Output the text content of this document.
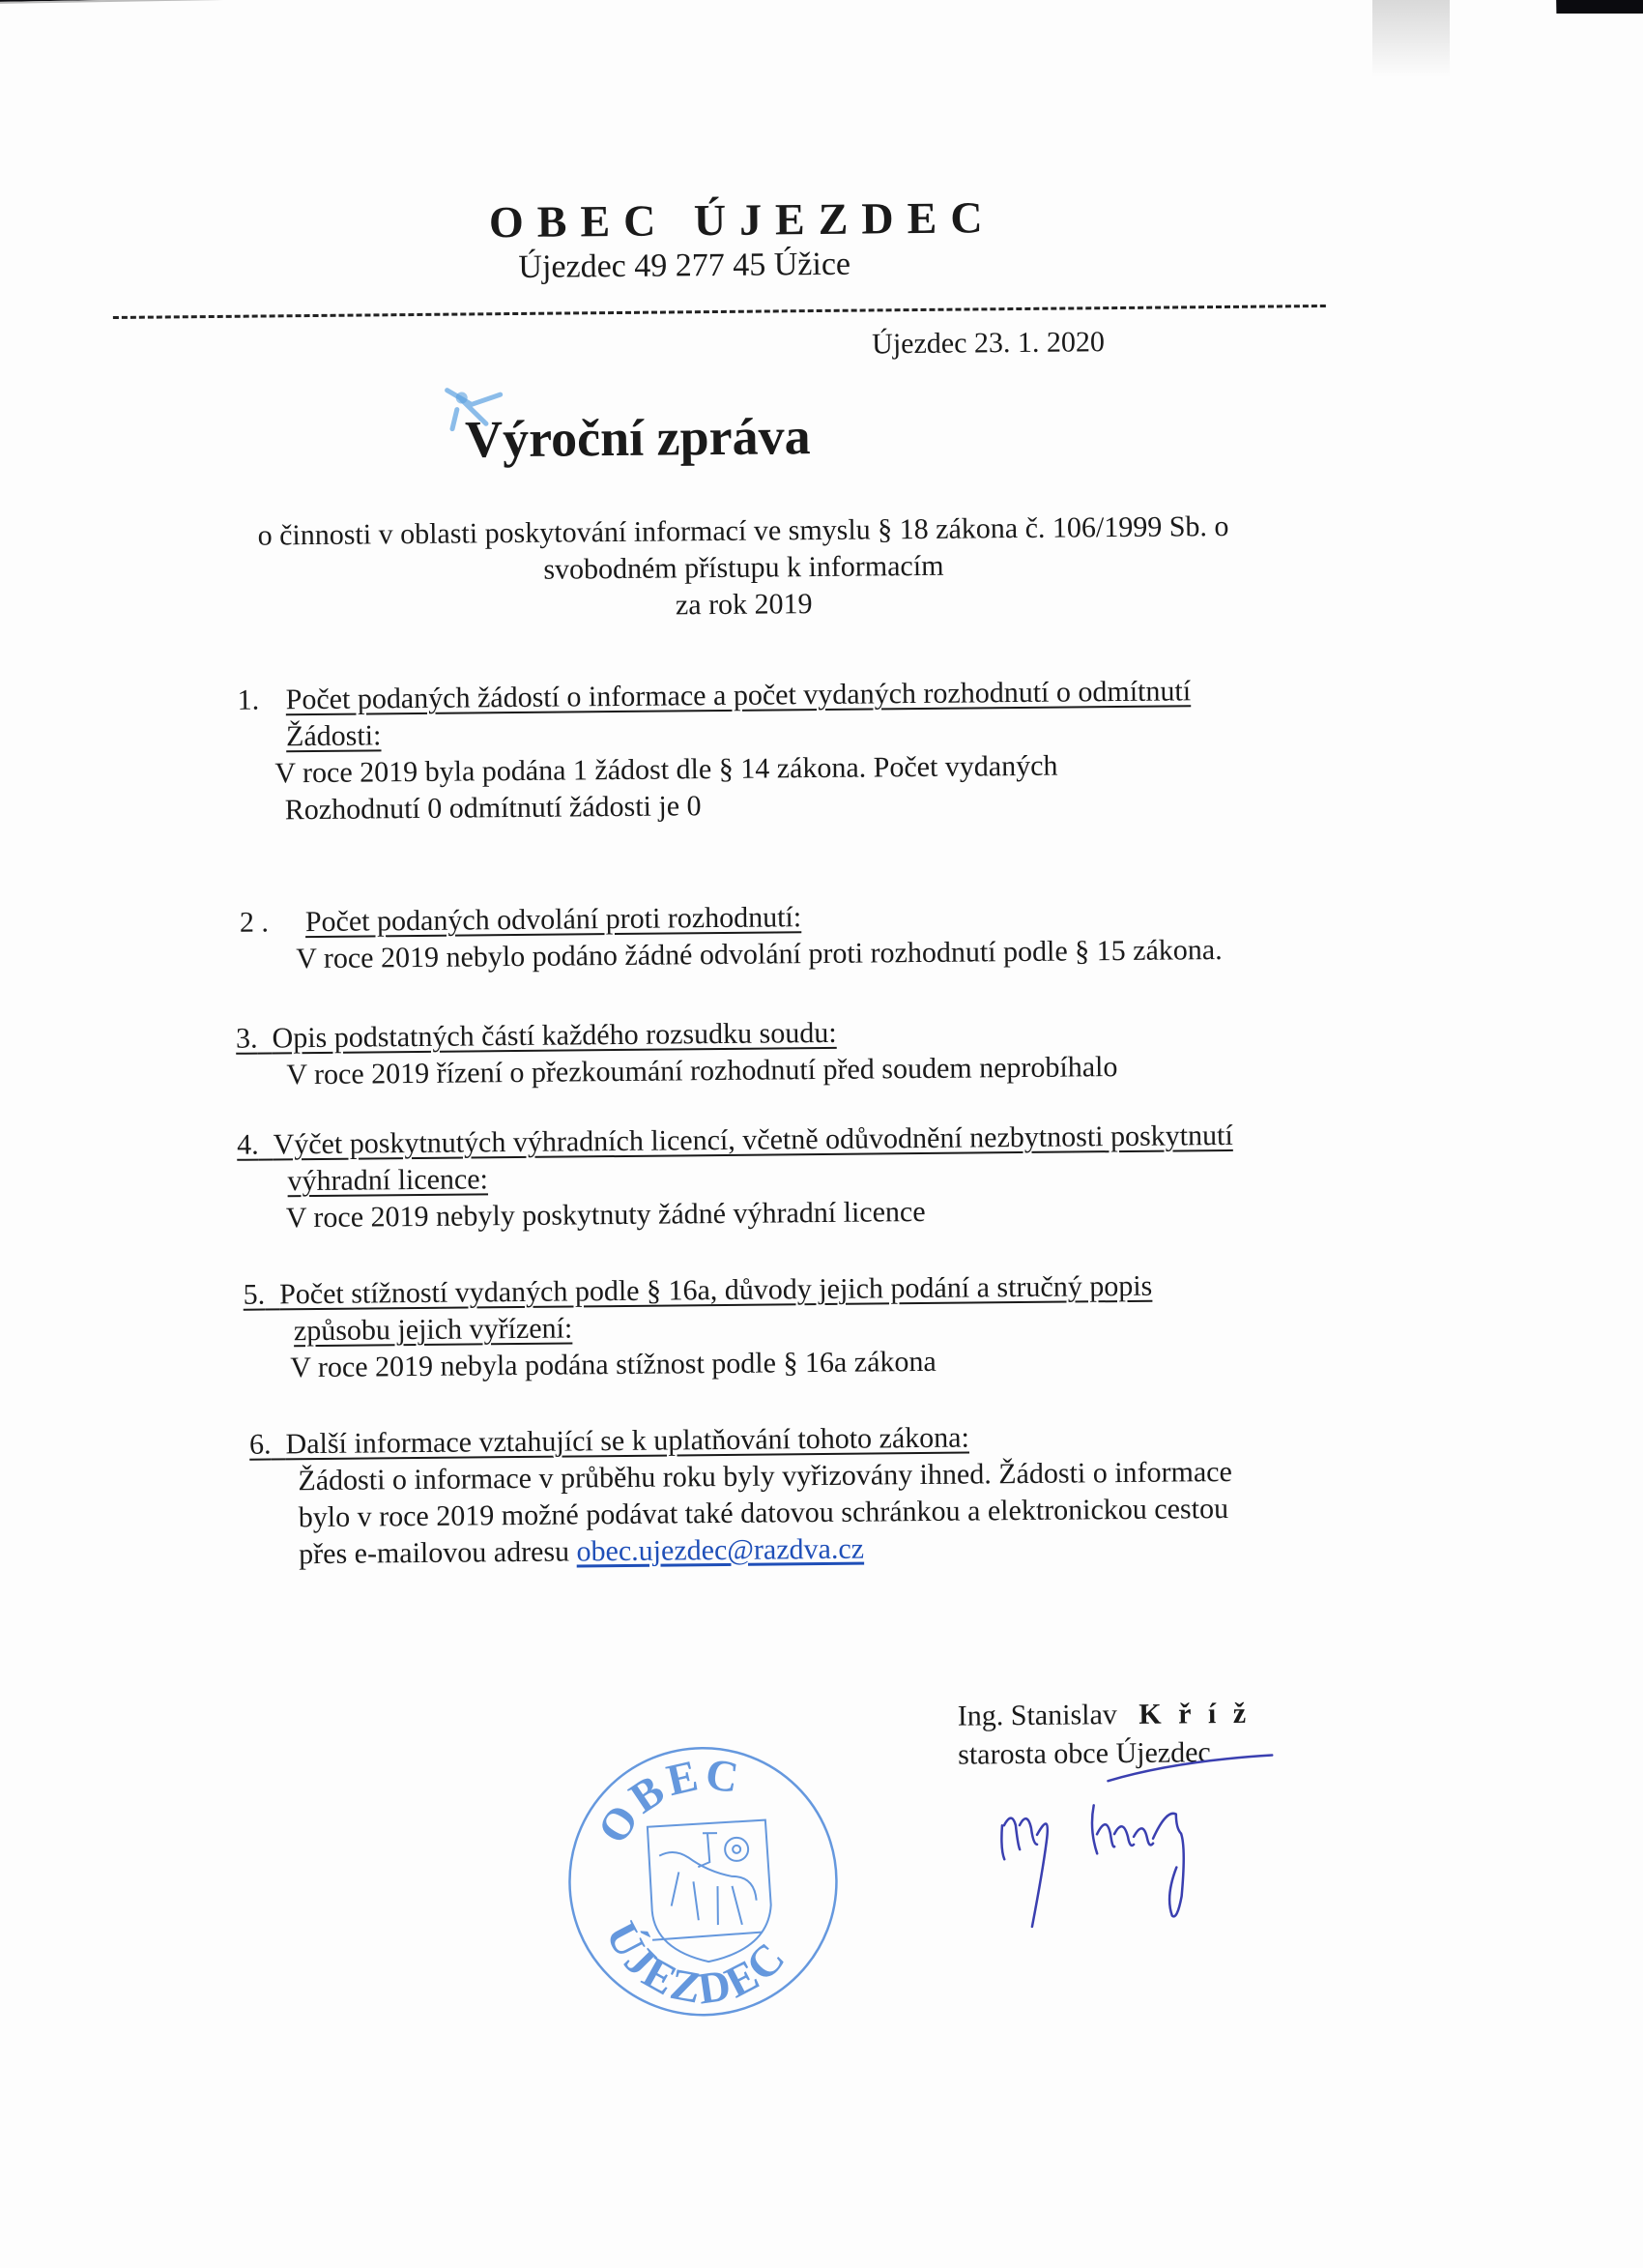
OBEC ÚJEZDEC
Újezdec 49 277 45 Úžice
Újezdec 23. 1. 2020
Výroční zpráva
o činnosti v oblasti poskytování informací ve smyslu § 18 zákona č. 106/1999 Sb. o
svobodném přístupu k informacím
za rok 2019
1. Počet podaných žádostí o informace a počet vydaných rozhodnutí o odmítnutí
Žádosti:
V roce 2019 byla podána 1 žádost dle § 14 zákona. Počet vydaných
Rozhodnutí 0 odmítnutí žádosti je 0
2 .	Počet podaných odvolání proti rozhodnutí:
V roce 2019 nebylo podáno žádné odvolání proti rozhodnutí podle § 15 zákona.
3. Opis podstatných částí každého rozsudku soudu:
V roce 2019 řízení o přezkoumání rozhodnutí před soudem neprobíhalo
4. Výčet poskytnutých výhradních licencí, včetně odůvodnění nezbytnosti poskytnutí
výhradní licence:
V roce 2019 nebyly poskytnuty žádné výhradní licence
5. Počet stížností vydaných podle § 16a, důvody jejich podání a stručný popis
způsobu jejich vyřízení:
V roce 2019 nebyla podána stížnost podle § 16a zákona
6. Další informace vztahující se k uplatňování tohoto zákona:
Žádosti o informace v průběhu roku byly vyřizovány ihned. Žádosti o informace
bylo v roce 2019 možné podávat také datovou schránkou a elektronickou cestou
přes e-mailovou adresu obec.ujezdec@razdva.cz
Ing. Stanislav K ř í ž
starosta obce Újezdec
OBEC
ÚJEZDEC
